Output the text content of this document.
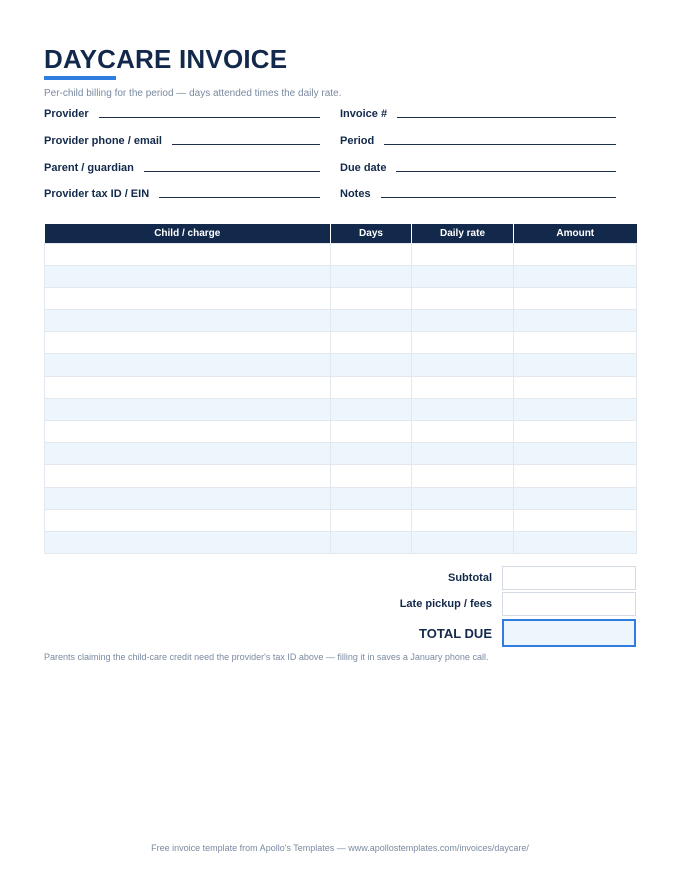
DAYCARE INVOICE
Per-child billing for the period — days attended times the daily rate.
Provider
Provider phone / email
Parent / guardian
Provider tax ID / EIN
Invoice #
Period
Due date
Notes
Child / charge	Days	Daily rate	Amount

Subtotal
Late pickup / fees
TOTAL DUE
Parents claiming the child-care credit need the provider's tax ID above — filling it in saves a January phone call.
Free invoice template from Apollo's Templates — www.apollostemplates.com/invoices/daycare/
